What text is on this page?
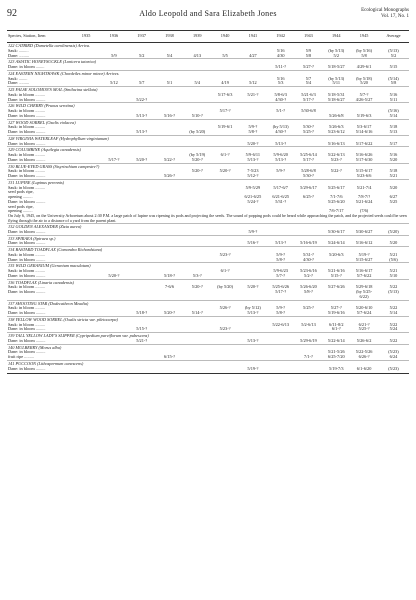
92	Aldo Leopold and Sara Elizabeth Jones	Ecological Monographs
Vol. 17, No. 1
Species, Station, Item	1935	1936	1937	1938	1939	1940	1941	1942	1943	1944	1945	Average
122 CATBIRD (Dumetella carolinensis) Arriva.												
Sauk: .........								5/16	5/9	(by 5/13)	(by 5/16)	(5/13)
Dane: .........		5/9	5/2	5/4	4/13	5/5	4/27	4/30	5/8	5/2	5/8	5/2
123 ASIATIC HONEYSUCKLE (Lonicera tatarica)												
Dane: in bloom ........								5/11-?	5/27-?	5/18-5/27	4/29-6/1	5/15
124 EASTERN NIGHTHAWK (Chordeiles minor minor) Arrives.												
Sauk: ........								5/16	5/7	(by 5/13)	(by 5/18)	(5/14)
Dane: .........		5/12	5/7	5/1	5/4	4/19	5/12	5/3	5/4	5/11	5/20	5/8
125 FALSE SOLOMON'S SEAL (Smilacina stellata)												
Sauk: in bloom .........						5/17-6/3	5/21-?	5/8-6/3	5/21-6/3	5/18-5/31	5/7-?	5/16
Dane: in bloom .........			5/22-?					4/30-?	5/17-?	5/18-6/27	4/26-5/27	5/11
126 WILD CHERRY (Prunus serotina)												
Sauk: in bloom .........						5/17-?		5/1-?	5/30-6/8			(5/16)
Dane: in bloom .........			5/13-?	5/16-?	5/10-?					5/26-6/8	5/19-6/3	5/14
127 WOOD SORREL (Oxalis violacea)												
Sauk: in bloom .........						5/19-6/1	5/9-?	(by 5/13)	5/30-?	5/26-6/3	5/3-6/17	5/18
Dane: in bloom .........			5/13-?		(by 5/20)		5/8-?	4/30-?	5/25-?	5/23-6/12	5/14-6/16	5/13
128 VIRGINIA WATERLEAF (Hydrophyllum virginianum)												
Dane: in bloom .........							5/20-?	5/13-?		5/16-6/13	5/17-6/22	5/17
129 COLUMBINE (Aquilegia canadensis)												
Sauk: in bloom .........					(by 5/19)	6/1-?	5/9-6/11	5/9-6/20	5/25-6/14	5/22-6/13	5/16-6/26	5/16
Dane: in bloom .........		5/17-?	5/20-?	5/22-?	5/20-?		5/13-?	5/13-?	5/17-?	5/23-?	5/17-6/30	5/20
130 BLUE-EYED GRASS (Sisyrinchium campestre?)												
Sauk: in bloom .........					5/20-?	5/20-?	7-5/23	5/9-?	5/28-6/8	5/22-?	5/15-6/17	5/18
Dane: in bloom .........				5/26-?			5/12-?		5/30-?		5/23-6/6	5/21
131 LUPINE (Lupinus perennis)												
Sauk: in bloom .........							5/9-5/29	5/17-6/7	5/29-6/17	5/25-6/17	5/21-7/4	5/20
seed pods ripe,												
opening .........							6/21-6/25	6/21-6/25	6/25-?	7/1-7/6	7/8-7/?	6/27
Dane: in bloom .........							5/24-?	5/31-?		5/25-6/20	5/21-6/24	5/25
seed pods ripe,												
opening .........										7/6-7/17	(7/6)	
On July 6, 1945, on the University Arboretum about 2:30 P.M. a large patch of lupine was ripening its pods and projecting the seeds. The sound of popping pods could be heard while approaching the patch, and the projected seeds could be seen flying through the air to a distance of a yard from the parent plant.												
132 GOLDEN ALEXANDER (Zizia aurea)												
Dane: in bloom .........							5/9-?			5/30-6/17	5/30-6/27	(5/20)
133 SPIRAEA (Spiraea sp.)												
Dane: in bloom .........							5/16-?	5/13-?	5/16-6/19	5/24-6/14	5/16-6/12	5/20
134 BASTARD TOADFLAX (Comandra Richardsiana)												
Sauk: in bloom .........						5/23-?		5/9-?	5/31-?	5/20-6/3	5/19-?	5/21
Dane: in bloom .........								5/8-?	4/30-?		5/15-6/27	(5/6)
135 WILD GERANIUM (Geranium maculatum)												
Sauk: in bloom .........						6/1-?		5/9-6/23	5/23-6/16	5/21-6/16	5/16-6/17	5/21
Dane: in bloom .........		5/20-?		5/18-?	5/3-?			5/7-?	5/2-?	5/15-?	5/7-6/22	5/10
136 TOADFLAX (Linaria canadensis)												
Sauk: in bloom .........				7-6/6	5/20-?	(by 5/20)	5/20-?	5/25-6/26	5/26-6/20	5/27-6/26	5/29-6/18	5/22
Dane: in bloom .........								5/17-?	5/8-?		(by 5/25-	(5/13)
											6/22)	
137 SHOOTING STAR (Dodecatheon Meadia)												
Sauk: in bloom .........						5/26-?	(by 5/12)	5/9-?	5/25-?	5/27-?	5/20-6/10	5/22
Dane: in bloom .........			5/18-?	5/20-?	5/14-?		5/13-?	5/8-?		5/19-6/16	5/7-6/24	5/14
138 YELLOW WOOD SORREL (Oxalis stricta var. piletocarpa)												
Sauk: in bloom .........								5/22-6/13	5/2-6/13	6/11-8/2	6/21-?	5/22
Dane: in bloom .........			5/15-?			5/23-?				6/1-?	5/25-?	5/24
139 TALL YELLOW LADY'S SLIPPER (Cypripedium parviflorum var. pubescens)												
Dane: in bloom .........			5/21-?				5/13-?		5/29-6/19	5/22-6/14	5/26-6/2	5/22
140 MULBERRY (Morus alba)												
Dane: in bloom .........										5/21-5/26	5/22-5/26	(5/23)
fruit ripe .........				6/15-?					7/1-?	6/25-7/20	6/26-?	6/24
141 PUCCOON (Lithospermum canescens)												
Dane: in bloom .........							5/19-?			5/19-7/3	6/1-6/20	(5/23)
